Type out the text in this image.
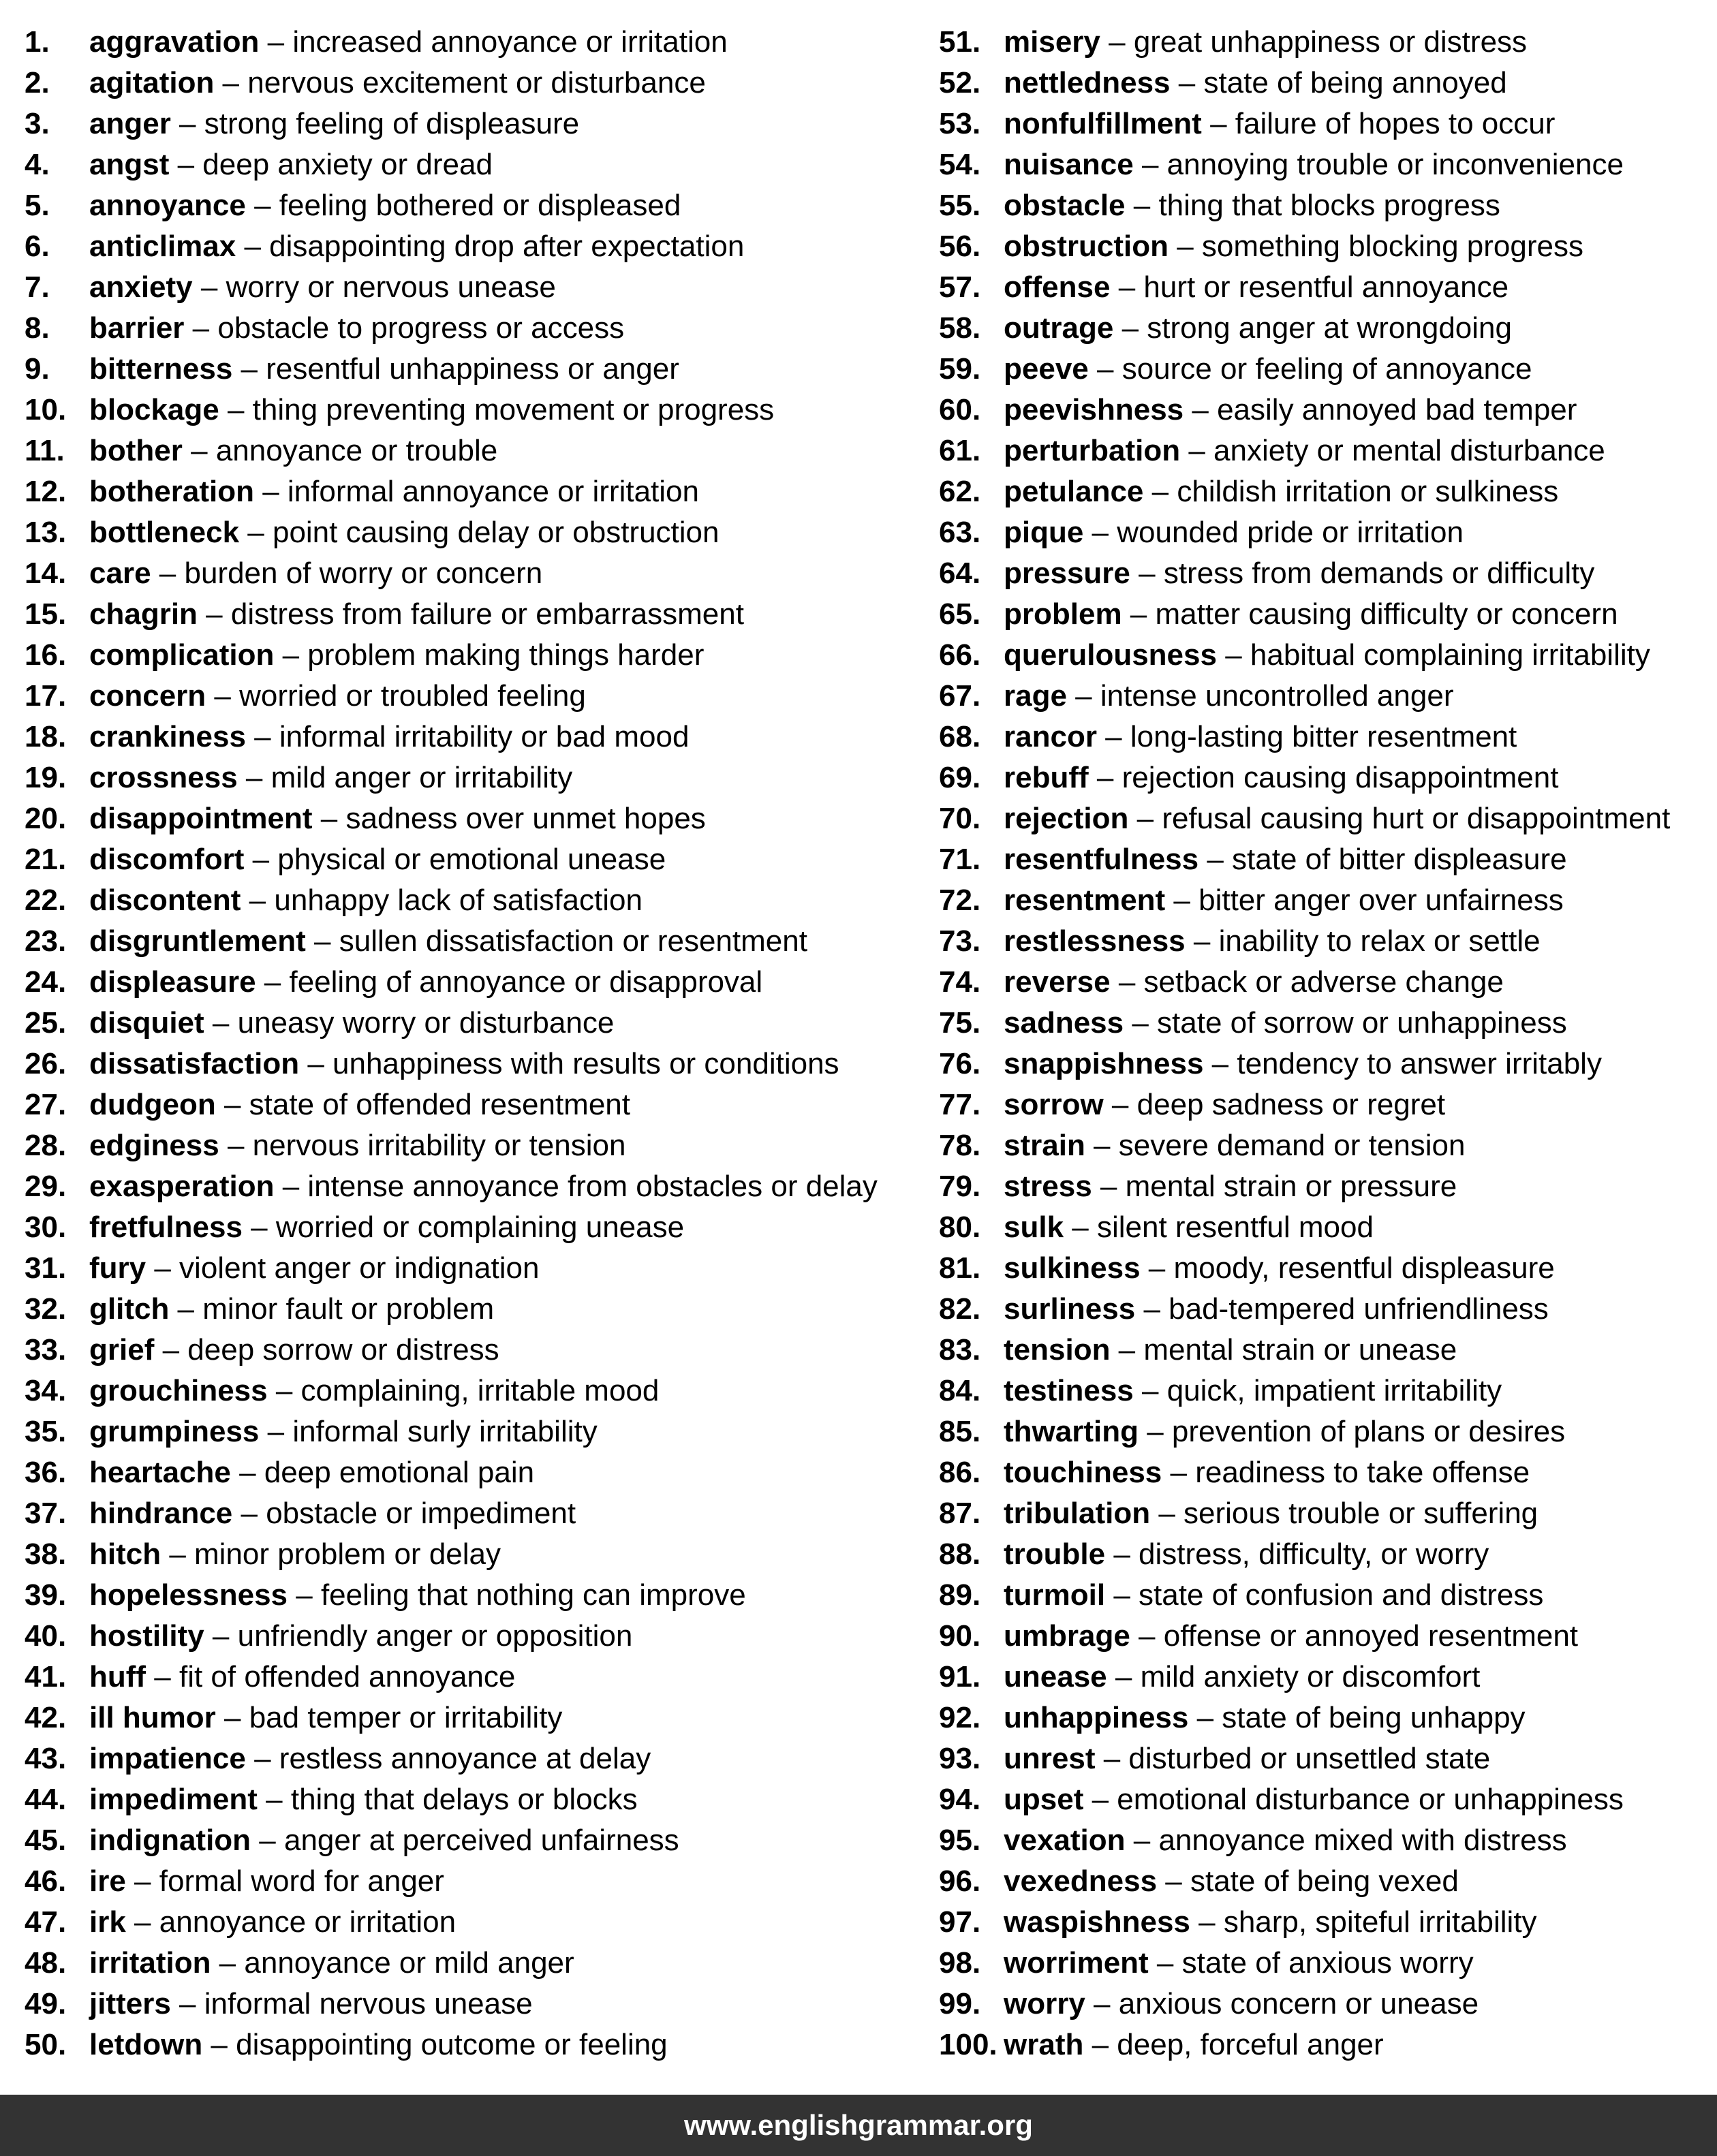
1. aggravation – increased annoyance or irritation
2. agitation – nervous excitement or disturbance
3. anger – strong feeling of displeasure
4. angst – deep anxiety or dread
5. annoyance – feeling bothered or displeased
6. anticlimax – disappointing drop after expectation
7. anxiety – worry or nervous unease
8. barrier – obstacle to progress or access
9. bitterness – resentful unhappiness or anger
10. blockage – thing preventing movement or progress
11. bother – annoyance or trouble
12. botheration – informal annoyance or irritation
13. bottleneck – point causing delay or obstruction
14. care – burden of worry or concern
15. chagrin – distress from failure or embarrassment
16. complication – problem making things harder
17. concern – worried or troubled feeling
18. crankiness – informal irritability or bad mood
19. crossness – mild anger or irritability
20. disappointment – sadness over unmet hopes
21. discomfort – physical or emotional unease
22. discontent – unhappy lack of satisfaction
23. disgruntlement – sullen dissatisfaction or resentment
24. displeasure – feeling of annoyance or disapproval
25. disquiet – uneasy worry or disturbance
26. dissatisfaction – unhappiness with results or conditions
27. dudgeon – state of offended resentment
28. edginess – nervous irritability or tension
29. exasperation – intense annoyance from obstacles or delay
30. fretfulness – worried or complaining unease
31. fury – violent anger or indignation
32. glitch – minor fault or problem
33. grief – deep sorrow or distress
34. grouchiness – complaining, irritable mood
35. grumpiness – informal surly irritability
36. heartache – deep emotional pain
37. hindrance – obstacle or impediment
38. hitch – minor problem or delay
39. hopelessness – feeling that nothing can improve
40. hostility – unfriendly anger or opposition
41. huff – fit of offended annoyance
42. ill humor – bad temper or irritability
43. impatience – restless annoyance at delay
44. impediment – thing that delays or blocks
45. indignation – anger at perceived unfairness
46. ire – formal word for anger
47. irk – annoyance or irritation
48. irritation – annoyance or mild anger
49. jitters – informal nervous unease
50. letdown – disappointing outcome or feeling
51. misery – great unhappiness or distress
52. nettledness – state of being annoyed
53. nonfulfillment – failure of hopes to occur
54. nuisance – annoying trouble or inconvenience
55. obstacle – thing that blocks progress
56. obstruction – something blocking progress
57. offense – hurt or resentful annoyance
58. outrage – strong anger at wrongdoing
59. peeve – source or feeling of annoyance
60. peevishness – easily annoyed bad temper
61. perturbation – anxiety or mental disturbance
62. petulance – childish irritation or sulkiness
63. pique – wounded pride or irritation
64. pressure – stress from demands or difficulty
65. problem – matter causing difficulty or concern
66. querulousness – habitual complaining irritability
67. rage – intense uncontrolled anger
68. rancor – long-lasting bitter resentment
69. rebuff – rejection causing disappointment
70. rejection – refusal causing hurt or disappointment
71. resentfulness – state of bitter displeasure
72. resentment – bitter anger over unfairness
73. restlessness – inability to relax or settle
74. reverse – setback or adverse change
75. sadness – state of sorrow or unhappiness
76. snappishness – tendency to answer irritably
77. sorrow – deep sadness or regret
78. strain – severe demand or tension
79. stress – mental strain or pressure
80. sulk – silent resentful mood
81. sulkiness – moody, resentful displeasure
82. surliness – bad-tempered unfriendliness
83. tension – mental strain or unease
84. testiness – quick, impatient irritability
85. thwarting – prevention of plans or desires
86. touchiness – readiness to take offense
87. tribulation – serious trouble or suffering
88. trouble – distress, difficulty, or worry
89. turmoil – state of confusion and distress
90. umbrage – offense or annoyed resentment
91. unease – mild anxiety or discomfort
92. unhappiness – state of being unhappy
93. unrest – disturbed or unsettled state
94. upset – emotional disturbance or unhappiness
95. vexation – annoyance mixed with distress
96. vexedness – state of being vexed
97. waspishness – sharp, spiteful irritability
98. worriment – state of anxious worry
99. worry – anxious concern or unease
100. wrath – deep, forceful anger
www.englishgrammar.org
